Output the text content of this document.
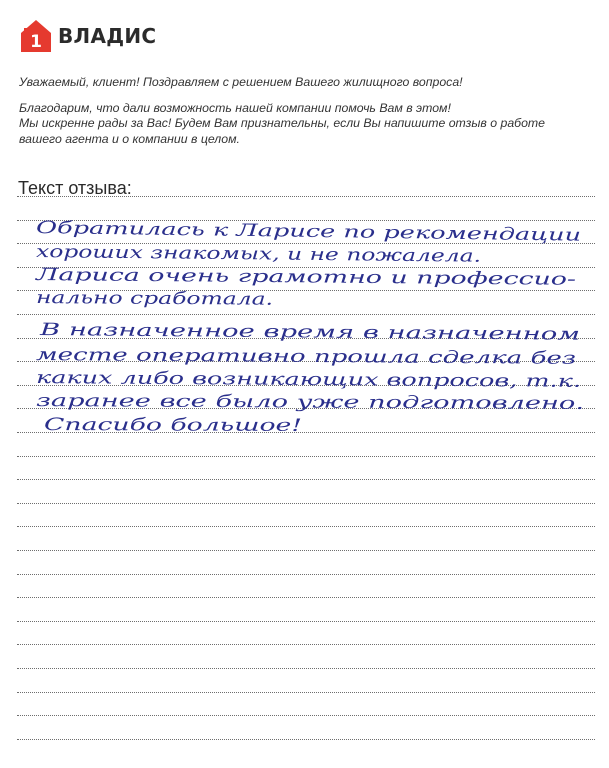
1 ВЛАДИС

Уважаемый, клиент! Поздравляем с решением Вашего жилищного вопроса!

Благодарим, что дали возможность нашей компании помочь Вам в этом!

Мы искренне рады за Вас! Будем Вам признательны, если Вы напишите отзыв о работе

вашего агента и о компании в целом.

Текст отзыва:
Обратилась к Ларисе по рекомендации
хороших знакомых, и не пожалела.
Лариса очень грамотно и профессио-
нально сработала.
В назначенное время в назначенном
месте оперативно прошла сделка без
каких либо возникающих вопросов, т.к.
заранее все было уже подготовлено.
Спасибо большое!
